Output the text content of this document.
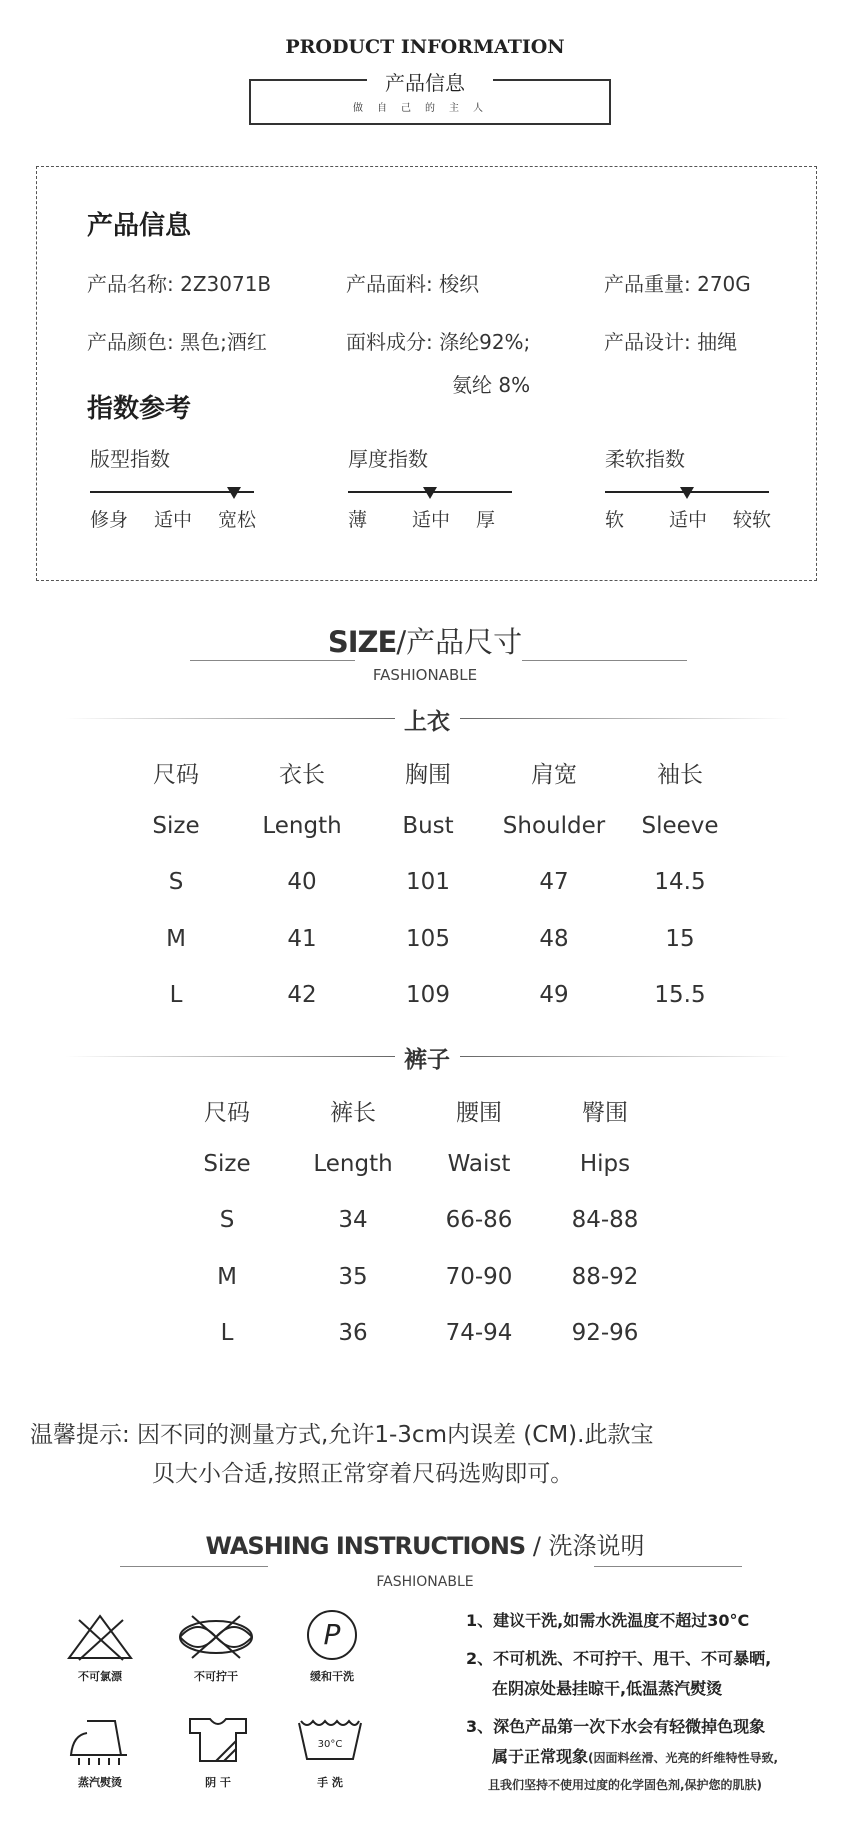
PRODUCT INFORMATION
产品信息
做自己的主人
产品信息
产品名称: 2Z3071B	产品面料: 梭织	产品重量: 270G
产品颜色: 黑色;酒红	面料成分: 涤纶92%;	产品设计: 抽绳
氨纶 8%
指数参考
版型指数
修身 适中 宽松
厚度指数
薄 适中 厚
柔软指数
软 适中 较软
SIZE/产品尺寸
FASHIONABLE
上衣
尺码	衣长	胸围	肩宽	袖长
Size	Length	Bust	Shoulder	Sleeve
S	40	101	47	14.5
M	41	105	48	15
L	42	109	49	15.5
裤子
尺码	裤长	腰围	臀围
Size	Length	Waist	Hips
S	34	66-86	84-88
M	35	70-90	88-92
L	36	74-94	92-96
温馨提示: 因不同的测量方式,允许1-3cm内误差 (CM).此款宝
贝大小合适,按照正常穿着尺码选购即可。
WASHING INSTRUCTIONS / 洗涤说明
FASHIONABLE
不可氯漂	不可拧干
P
缓和干洗
蒸汽熨烫	阴 干
30°C
手 洗
1、建议干洗,如需水洗温度不超过30°C
2、不可机洗、不可拧干、甩干、不可暴晒,
在阴凉处悬挂晾干,低温蒸汽熨烫
3、深色产品第一次下水会有轻微掉色现象
属于正常现象(因面料丝滑、光亮的纤维特性导致,
且我们坚持不使用过度的化学固色剂,保护您的肌肤)
